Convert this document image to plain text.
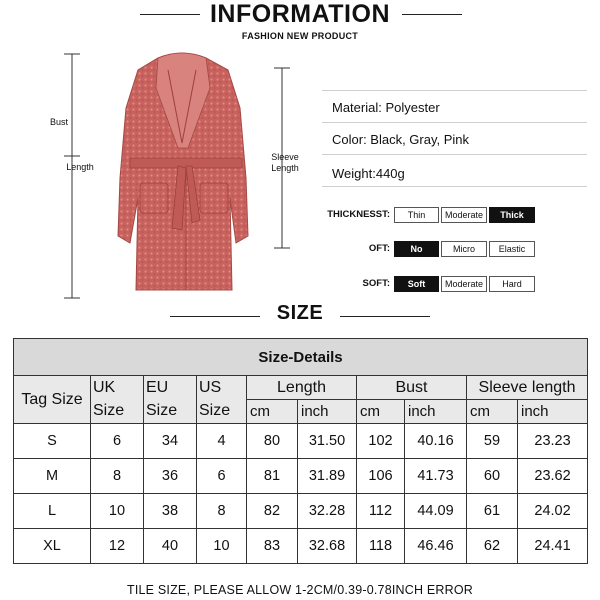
INFORMATION
FASHION NEW PRODUCT
Bust
Length
Sleeve
Length
Material: Polyester
Color: Black, Gray, Pink
Weight:440g
THICKNESST:	Thin	Moderate	Thick
OFT:	No	Micro	Elastic
SOFT:	Soft	Moderate	Hard
SIZE
Size-Details									
Tag Size	UK	EU	US	Length		Bust		Sleeve length	
	Size	Size	Size	cm	inch	cm	inch	cm	inch
S	6	34	4	80	31.50	102	40.16	59	23.23
M	8	36	6	81	31.89	106	41.73	60	23.62
L	10	38	8	82	32.28	112	44.09	61	24.02
XL	12	40	10	83	32.68	118	46.46	62	24.41
TILE SIZE, PLEASE ALLOW 1-2CM/0.39-0.78INCH ERROR
